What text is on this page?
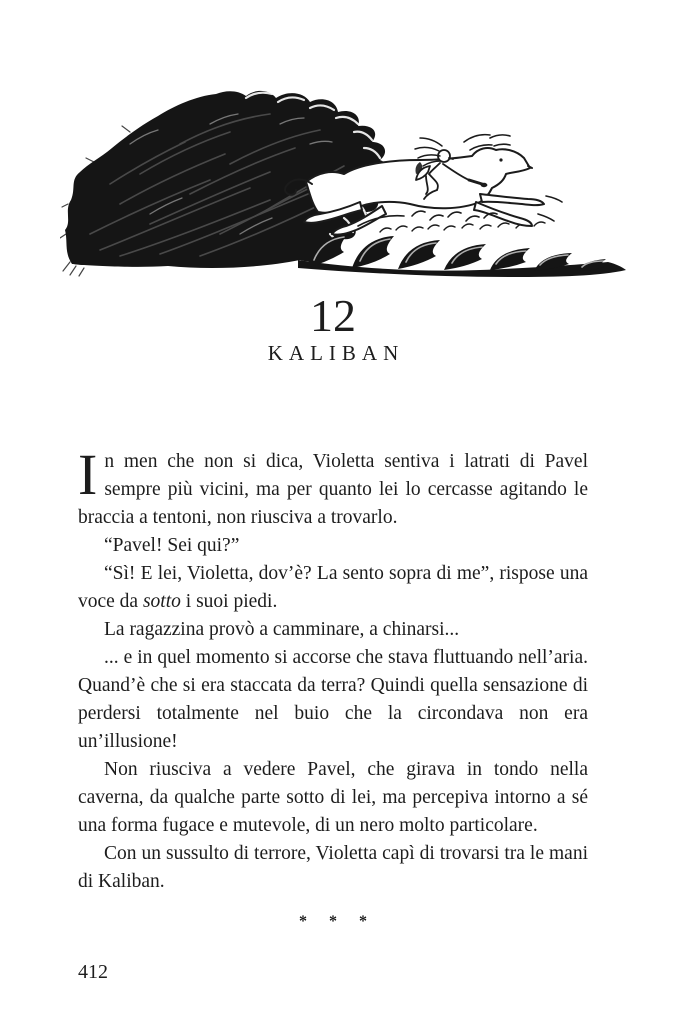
12
KALIBAN

In men che non si dica, Violetta sentiva i latrati di Pavel sempre più vicini, ma per quanto lei lo cercasse agitando le braccia a tentoni, non riusciva a trovarlo.

“Pavel! Sei qui?”

“Sì! E lei, Violetta, dov’è? La sento sopra di me”, rispose una voce da sotto i suoi piedi.

La ragazzina provò a camminare, a chinarsi...

... e in quel momento si accorse che stava fluttuando nell’aria. Quand’è che si era staccata da terra? Quindi quella sensazione di perdersi totalmente nel buio che la circondava non era un’illusione!

Non riusciva a vedere Pavel, che girava in tondo nella caverna, da qualche parte sotto di lei, ma percepiva intorno a sé una forma fugace e mutevole, di un nero molto particolare.

Con un sussulto di terrore, Violetta capì di trovarsi tra le mani di Kaliban.

* * *
412
